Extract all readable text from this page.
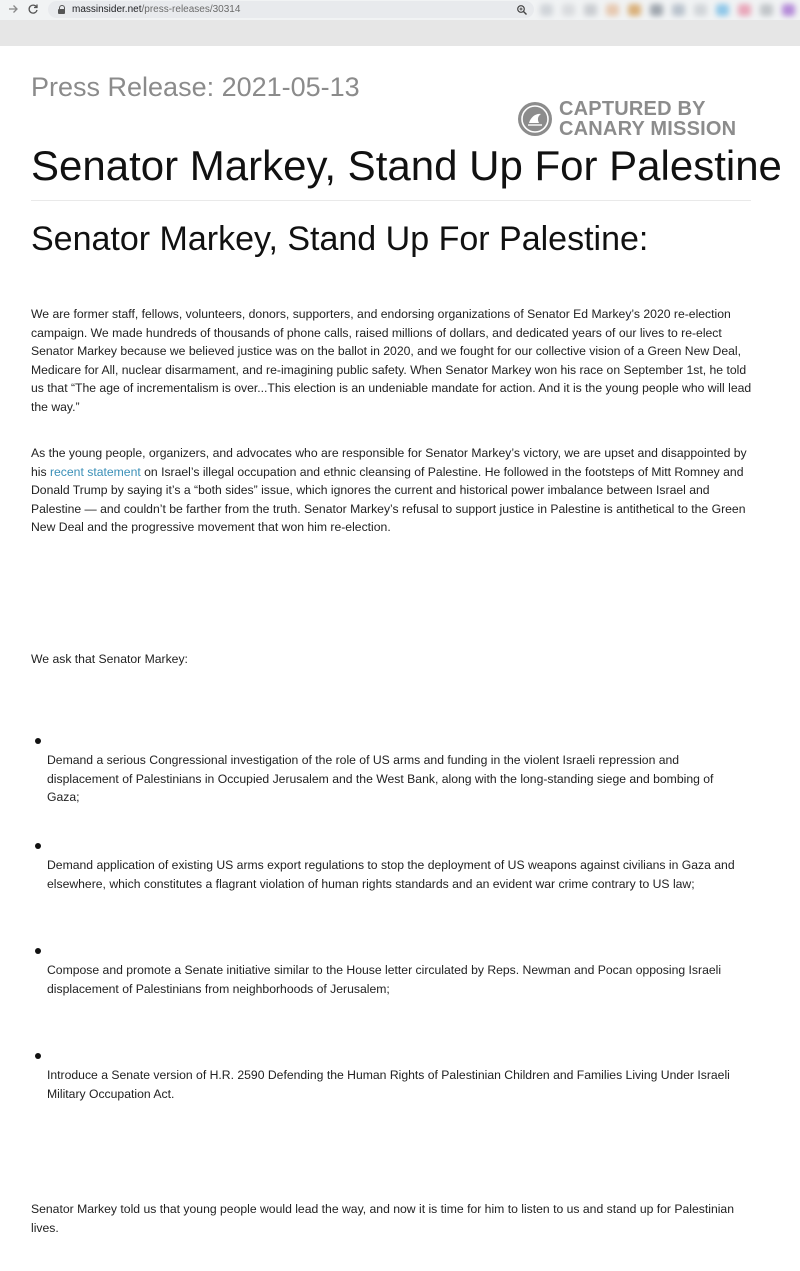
massinsider.net/press-releases/30314
Press Release: 2021-05-13
CAPTURED BY
CANARY MISSION
Senator Markey, Stand Up For Palestine
Senator Markey, Stand Up For Palestine:

We are former staff, fellows, volunteers, donors, supporters, and endorsing organizations of Senator Ed Markey’s 2020 re-election campaign. We made hundreds of thousands of phone calls, raised millions of dollars, and dedicated years of our lives to re-elect Senator Markey because we believed justice was on the ballot in 2020, and we fought for our collective vision of a Green New Deal, Medicare for All, nuclear disarmament, and re-imagining public safety. When Senator Markey won his race on September 1st, he told us that “The age of incrementalism is over...This election is an undeniable mandate for action. And it is the young people who will lead the way.”

As the young people, organizers, and advocates who are responsible for Senator Markey’s victory, we are upset and disappointed by his recent statement on Israel’s illegal occupation and ethnic cleansing of Palestine. He followed in the footsteps of Mitt Romney and Donald Trump by saying it’s a “both sides” issue, which ignores the current and historical power imbalance between Israel and Palestine — and couldn’t be farther from the truth. Senator Markey’s refusal to support justice in Palestine is antithetical to the Green New Deal and the progressive movement that won him re-election.

We ask that Senator Markey:

Demand a serious Congressional investigation of the role of US arms and funding in the violent Israeli repression and displacement of Palestinians in Occupied Jerusalem and the West Bank, along with the long-standing siege and bombing of Gaza;

Demand application of existing US arms export regulations to stop the deployment of US weapons against civilians in Gaza and elsewhere, which constitutes a flagrant violation of human rights standards and an evident war crime contrary to US law;

Compose and promote a Senate initiative similar to the House letter circulated by Reps. Newman and Pocan opposing Israeli displacement of Palestinians from neighborhoods of Jerusalem;

Introduce a Senate version of H.R. 2590 Defending the Human Rights of Palestinian Children and Families Living Under Israeli Military Occupation Act.

Senator Markey told us that young people would lead the way, and now it is time for him to listen to us and stand up for Palestinian lives.
